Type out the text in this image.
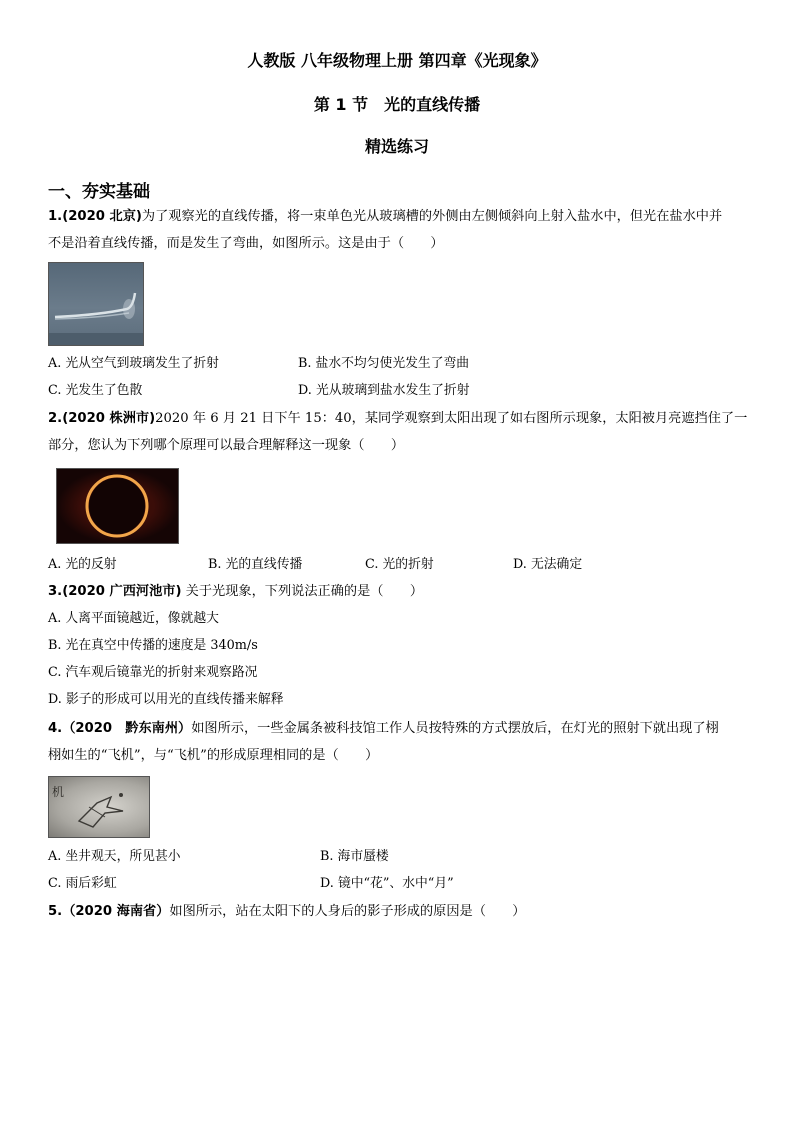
人教版 八年级物理上册 第四章《光现象》
第 1 节　光的直线传播
精选练习
一、夯实基础
1.(2020 北京)为了观察光的直线传播，将一束单色光从玻璃槽的外侧由左侧倾斜向上射入盐水中，但光在盐水中并
不是沿着直线传播，而是发生了弯曲，如图所示。这是由于（　　）
A. 光从空气到玻璃发生了折射	B. 盐水不均匀使光发生了弯曲
C. 光发生了色散	D. 光从玻璃到盐水发生了折射
2.(2020 株洲市)2020 年 6 月 21 日下午 15：40，某同学观察到太阳出现了如右图所示现象，太阳被月亮遮挡住了一
部分，您认为下列哪个原理可以最合理解释这一现象（　　）
A. 光的反射	B. 光的直线传播	C. 光的折射	D. 无法确定
3.(2020 广西河池市) 关于光现象，下列说法正确的是（　　）
A. 人离平面镜越近，像就越大
B. 光在真空中传播的速度是 340m/s
C. 汽车观后镜靠光的折射来观察路况
D. 影子的形成可以用光的直线传播来解释
4.（2020　黔东南州）如图所示，一些金属条被科技馆工作人员按特殊的方式摆放后，在灯光的照射下就出现了栩
栩如生的“飞机”，与“飞机”的形成原理相同的是（　　）
机
A. 坐井观天，所见甚小	B. 海市蜃楼
C. 雨后彩虹	D. 镜中“花”、水中“月”
5.（2020 海南省）如图所示，站在太阳下的人身后的影子形成的原因是（　　）
